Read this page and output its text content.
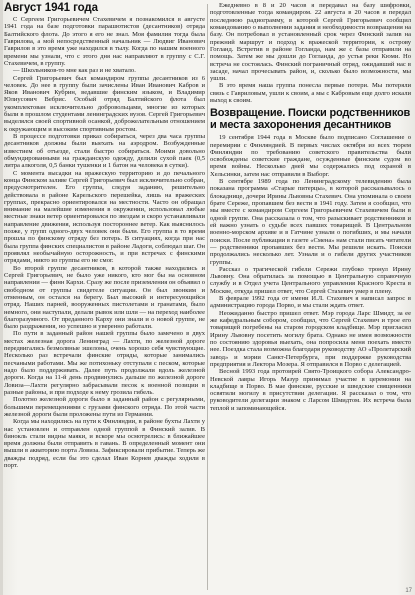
Август 1941 года

С Сергеем Григорьевичем Стахевичем я познакомился в августе 1941 года на базе подготовки парашютистов (десантников) отряда Балтийского флота. До этого я его не знал. Моя фамилия тогда была Гаврилова, а мой непосредственный начальник — Людвиг Иванович Гаврилов в это время уже находился в тылу. Когда по нашим военного времени мы узнали, что с этого дня нас направляют в группу с С.Г. Стахевичем, в группу.

— Школьников-то мне как раз и не хватало.

Сергей Григорьевич был командиром группы десантников из 6 человек. До нее в группу были зачислены Иван Иванович Кабров и Яков Иванович Кубрин, ведавшие финским языком, и Владимир Юлиусович Вебрис. Особый отряд Балтийского флота был укомплектован исключительно добровольцами, многие из которых были в прошлом студентами ленинградских вузов. Сергей Григорьевич выделялся своей спортивной осанкой, доброжелательным отношением к окружающим и высоким спортивным ростом.

В процессе подготовки приказ собираться, через два часа группы десантников должны были выехать на аэродром. Возбужденные известием об отъезде, стали быстро собираться. Моими довольно обмундированными на гражданскую одежду, делили сухой паек (0,5 литра алкоголя, 0,5 банки тушенки и 1 батон на человека в сутки).

С момента высадки на вражескую территорию и до печального конца Финском заливе Сергей Григорьевич был исключительно собран, предусмотрителен. Его группа, следуя заданию, решительно действовала в районе Карельского перешейка, лишь на вражеских группах, прекрасно ориентировался на местности. Часто он обращал внимание на малейшие изменения в окружении, использовал любые местные знаки ветер ориентировался по звездам и скоро устанавливали направление движения, используя постороннее ветер. Как выяснилось позже, у групп одного-двух человек они были. Его группа в то время прошла по финскому отряду без потерь. В ситуациях, когда при нас была группа финских специалистов в районе Ладоги, соблюдал шаг. Он проявлял необычайную осторожность, и при встречах с финскими отрядами, никто из группы его не смог.

Во второй группе десантников, в которой также находились и Сергей Григорьевич, не было уже никого, кто мог бы на основном направлении — финн Кархи. Сразу же после приземления он объявил о свободном от группы свидетеле ситуации. Он был звонким и отменным, он остался на берегу. Был высокий и интересующийся отряд. Наших парней, вооруженных пистолетами и гранатами, было немного, они наступали, делали рывок или шли — на переход наиболее благоразумного. От преданного Карху они знали и о новой группе, не было раздражения, но успешно и уверенно работали.

По пути в заданный район нашей группы было замечено в двух местах железная дорога Ленинград — Лахти, по железной дороге передвигались безмолвные эшелоны, очень хорошо себя чувствующие. Несколько раз встречали финские отряды, которые занимались песчаными работами. Мы же потихоньку отступали с песком, которые надо было поддерживать. Далее путь продолжали вдоль железной дороги. Когда на 11-й день продвинулись дальше по железной дороге Ловиза—Лахти регулярно забрасывали песок к военной позиции в разные районы, и при подходе к нему грозила гибель.

Полотно железной дороги было в заданный район с регулярными, большими перемещениями с грузами финского отряда. По этой части железной дороги были проложены пути из Германии.

Когда мы находились на пути к Финляндии, в районе бухты Лахти у нас установлен и отправлен одной группой в Финский залив. В бинокль стали видны маяки, и вскоре мы осмотрелись: в ближайшее время должны были отправить в гавань. В определенный момент они вышли в акваторию порта Ловиза. Зафиксировали прибытие. Теперь же дважды подряд, если бы это сделал Иван Корнев дважды ходили в порт.

Ежедневно в 8 и 20 часов я передавал на базу шифровки, подготовленные тогда командиром. 22 августа в 20 часов я передал последнюю радиограмму, в которой Сергей Григорьевич сообщил командованию о выполнении задания и необходимости возвращения на базу. Он потребовал в установленный срок через Финский залив на прежний маршрут и подход к вражеской территории, к острову Гогланд. Встретив в районе Гогланда, нам же с базы отправили на помощь. Затем же мы дошли до Гогланда, до устья реки Кюми. Но встреча не состоялась. Финский пограничный отряд, ожидавший нас в засаде, начал прочесывать район, и, сколько было возможности, мы ушли.

В это время наша группа понесла первые потери. Мы потеряли связь с Гавриловым, ушли к своим, а мы с Кабровым еще долго искали выход к своим.

Возвращение. Поиски родственников и места захоронения десантников

19 сентября 1944 года в Москве было подписано Соглашение о перемирии с Финляндией. В первых числах октября из всех тюрем Финляндии по требованию советского правительства были освобождены советские граждане, осужденные финским судом во время войны. Несколько дней мы содержались под охраной в Хельсинки, затем нас отправили в Выборг.

В сентябре 1989 года по Ленинградскому телевидению была показана программа «Старые питерцы», в которой рассказывалось о блокаднице, дочери Ирины Львовны Стахевич. Она упоминала о своем брате Сереже, пропавшем без вести в 1941 году. Затем я сообщил, что мы вместе с командиром Сергеем Григорьевичем Стахевичем были в одной группе. Она рассказала о том, что разыскивает родственников и ей важно узнать о судьбе всех павших товарищей. В Центральном военно-морском архиве и в Гатчине узнали о погибших, и мы начали поиски. После публикации в газете «Смена» нам стали писать читатели — родственники пропавших без вести. Мы решили искать. Поиски продолжались несколько лет. Узнали и о гибели других участников группы.

Рассказ о трагической гибели Сережи глубоко тронул Ирину Львовну. Она обратилась за помощью в Центральную справочную службу и в Отдел учета Центрального управления Красного Креста в Москве, откуда пришел ответ, что Сергей Стахевич умер в плену.

В феврале 1992 года от имени И.Л. Стахевич я написал запрос в администрацию города Порво, и мы стали ждать ответ.

Неожиданно быстро пришел ответ. Мэр города Ларс Шмидт, за ее же кафедральным собором, сообщил, что Сергей Стахевич и трое его товарищей погребены на старом городском кладбище. Мэр пригласил Ирину Львовну посетить могилу брата. Однако не имея возможности по состоянию здоровья выехать, она попросила меня поехать вместо нее. Поездка стала возможна благодаря руководству АО «Пролетарский завод» и мэрии Санкт-Петербурга, при поддержке руководства предприятия и Лектора Мозера. Я отправился в Порво с делегацией.

Весной 1993 года протоирей Свято-Троицкого собора Александро-Невской лавры Игорь Мазур принимал участие в церемонии на кладбище в Порво. В мае финские, русские и шведские священники освятили могилу в присутствии делегации. Я рассказал о том, что руководители делегации знаком с Ларсом Шмидтом. Их встреча была теплой и запоминающейся.

17
